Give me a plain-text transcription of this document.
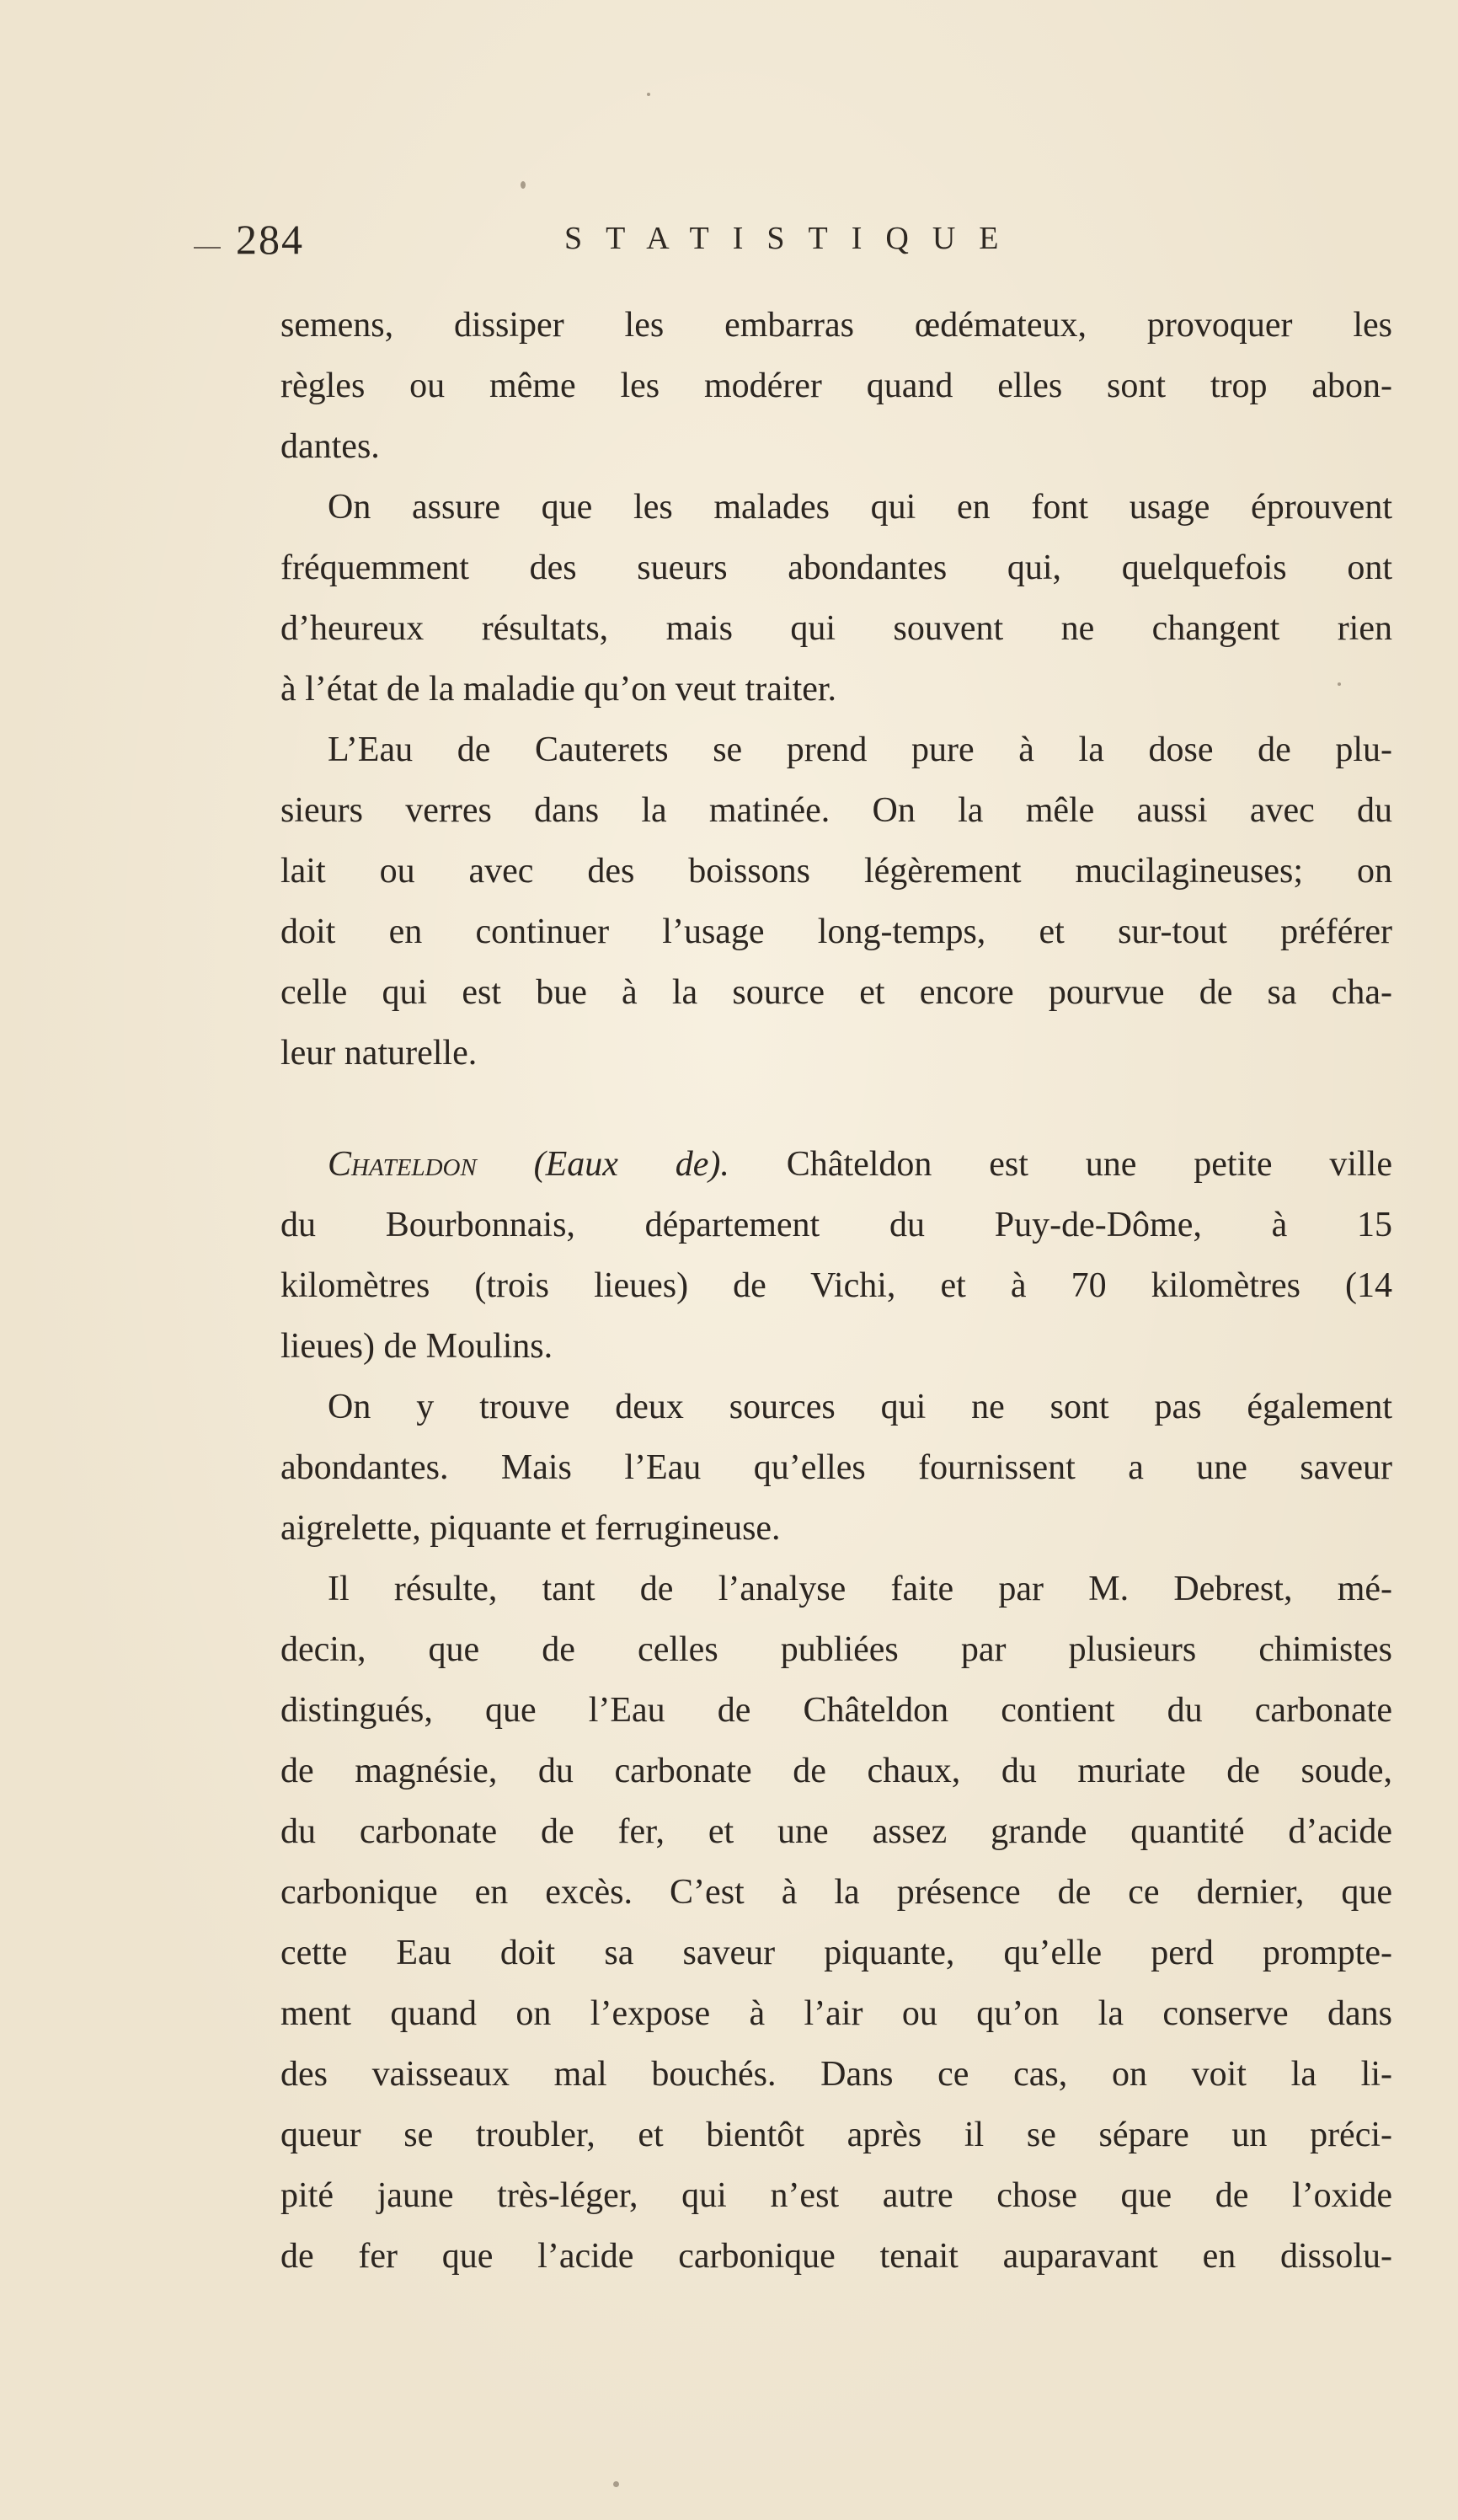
284	STATISTIQUE
semens, dissiper les embarras œdémateux, provoquer les
règles ou même les modérer quand elles sont trop abon-
dantes.
On assure que les malades qui en font usage éprouvent
fréquemment des sueurs abondantes qui, quelquefois ont
d’heureux résultats, mais qui souvent ne changent rien
à l’état de la maladie qu’on veut traiter.
L’Eau de Cauterets se prend pure à la dose de plu-
sieurs verres dans la matinée. On la mêle aussi avec du
lait ou avec des boissons légèrement mucilagineuses; on
doit en continuer l’usage long-temps, et sur-tout préférer
celle qui est bue à la source et encore pourvue de sa cha-
leur naturelle.
Chateldon (Eaux de). Châteldon est une petite ville
du Bourbonnais, département du Puy-de-Dôme, à 15
kilomètres (trois lieues) de Vichi, et à 70 kilomètres (14
lieues) de Moulins.
On y trouve deux sources qui ne sont pas également
abondantes. Mais l’Eau qu’elles fournissent a une saveur
aigrelette, piquante et ferrugineuse.
Il résulte, tant de l’analyse faite par M. Debrest, mé-
decin, que de celles publiées par plusieurs chimistes
distingués, que l’Eau de Châteldon contient du carbonate
de magnésie, du carbonate de chaux, du muriate de soude,
du carbonate de fer, et une assez grande quantité d’acide
carbonique en excès. C’est à la présence de ce dernier, que
cette Eau doit sa saveur piquante, qu’elle perd prompte-
ment quand on l’expose à l’air ou qu’on la conserve dans
des vaisseaux mal bouchés. Dans ce cas, on voit la li-
queur se troubler, et bientôt après il se sépare un préci-
pité jaune très-léger, qui n’est autre chose que de l’oxide
de fer que l’acide carbonique tenait auparavant en dissolu-
